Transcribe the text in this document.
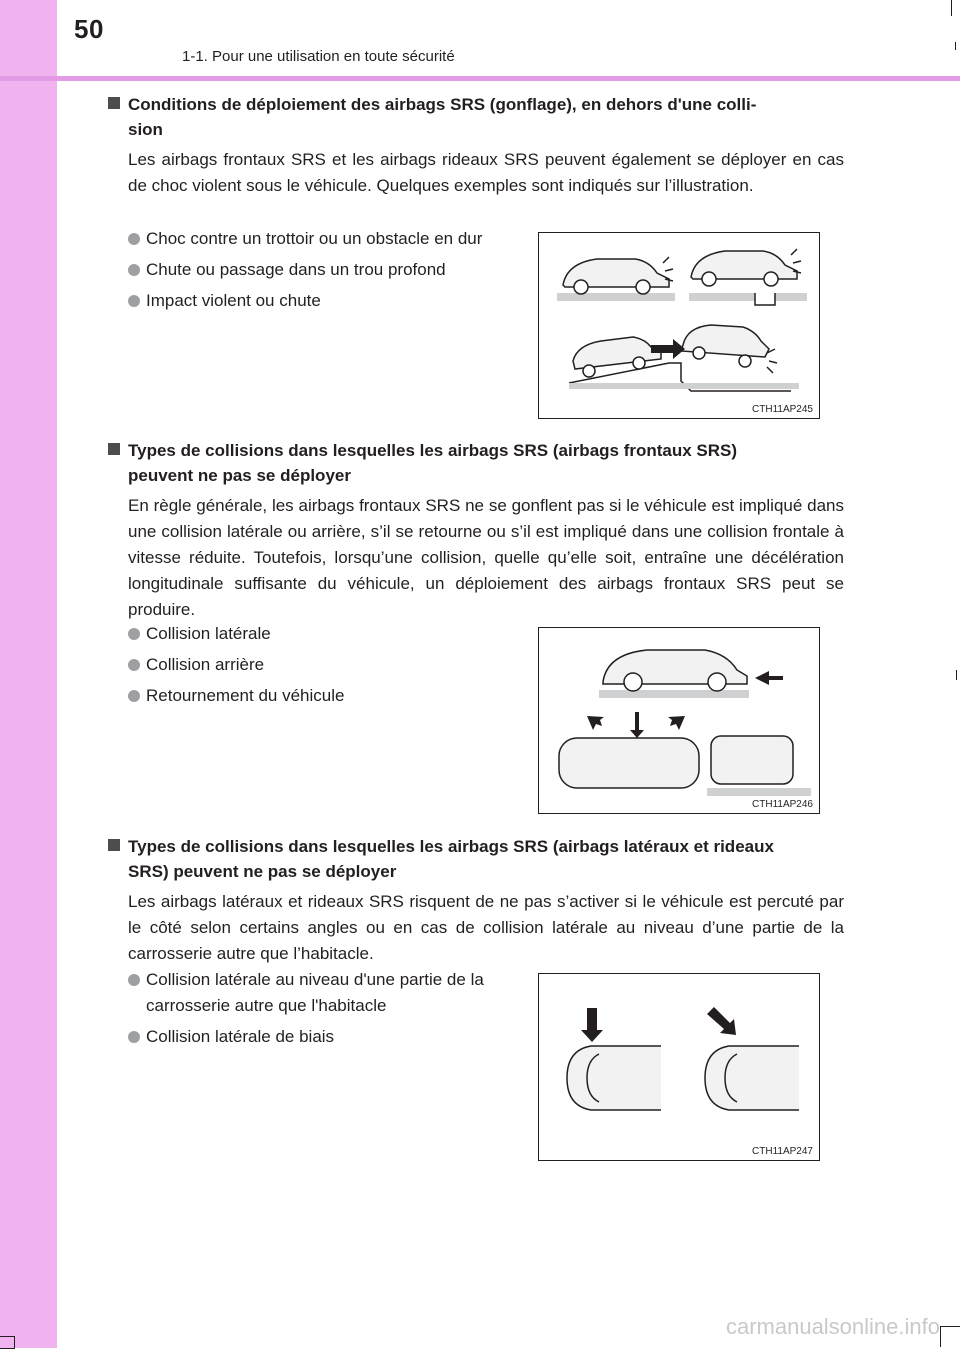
50
1-1. Pour une utilisation en toute sécurité
Conditions de déploiement des airbags SRS (gonflage), en dehors d'une colli-
sion
Les airbags frontaux SRS et les airbags rideaux SRS peuvent également se déployer en cas de choc violent sous le véhicule. Quelques exemples sont indiqués sur l’illustration.
Choc contre un trottoir ou un obstacle en dur
Chute ou passage dans un trou profond
Impact violent ou chute
CTH11AP245
Types de collisions dans lesquelles les airbags SRS (airbags frontaux SRS)
peuvent ne pas se déployer
En règle générale, les airbags frontaux SRS ne se gonflent pas si le véhicule est impliqué dans une collision latérale ou arrière, s’il se retourne ou s’il est impliqué dans une collision frontale à vitesse réduite. Toutefois, lorsqu’une collision, quelle qu’elle soit, entraîne une décélération longitudinale suffisante du véhicule, un déploiement des airbags frontaux SRS peut se produire.
Collision latérale
Collision arrière
Retournement du véhicule
CTH11AP246
Types de collisions dans lesquelles les airbags SRS (airbags latéraux et rideaux
SRS) peuvent ne pas se déployer
Les airbags latéraux et rideaux SRS risquent de ne pas s’activer si le véhicule est percuté par le côté selon certains angles ou en cas de collision latérale au niveau d’une partie de la carrosserie autre que l’habitacle.
Collision latérale au niveau d'une partie de la carrosserie autre que l'habitacle
Collision latérale de biais
CTH11AP247
carmanualsonline.info
